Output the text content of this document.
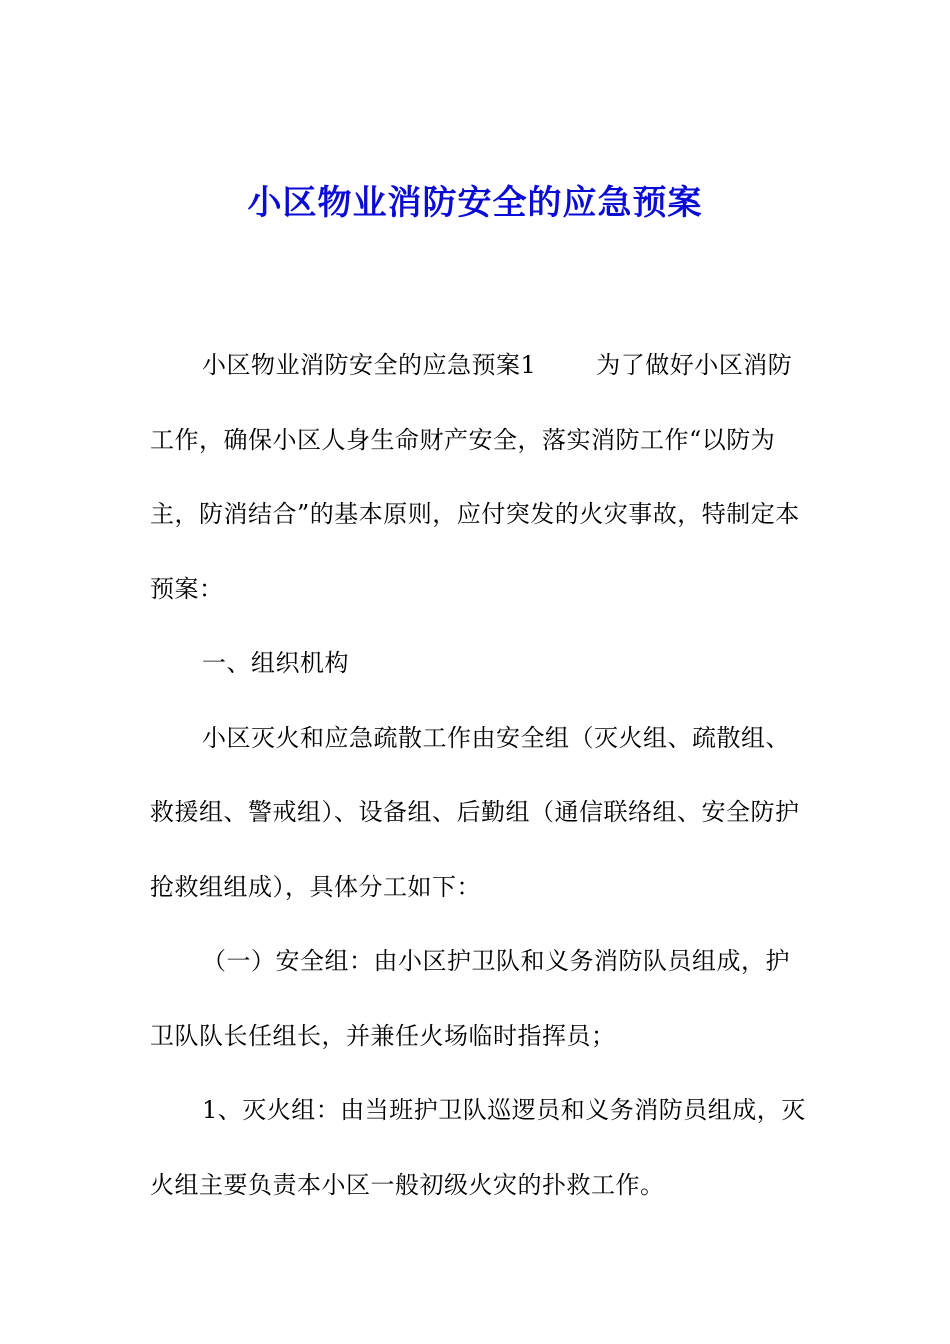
小区物业消防安全的应急预案

小区物业消防安全的应急预案1	为了做好小区消防工作，确保小区人身生命财产安全，落实消防工作“以防为主，防消结合”的基本原则，应付突发的火灾事故，特制定本预案：

一、组织机构

小区灭火和应急疏散工作由安全组（灭火组、疏散组、救援组、警戒组）、设备组、后勤组（通信联络组、安全防护抢救组组成），具体分工如下：

（一）安全组：由小区护卫队和义务消防队员组成，护卫队队长任组长，并兼任火场临时指挥员；

1、灭火组：由当班护卫队巡逻员和义务消防员组成，灭火组主要负责本小区一般初级火灾的扑救工作。
